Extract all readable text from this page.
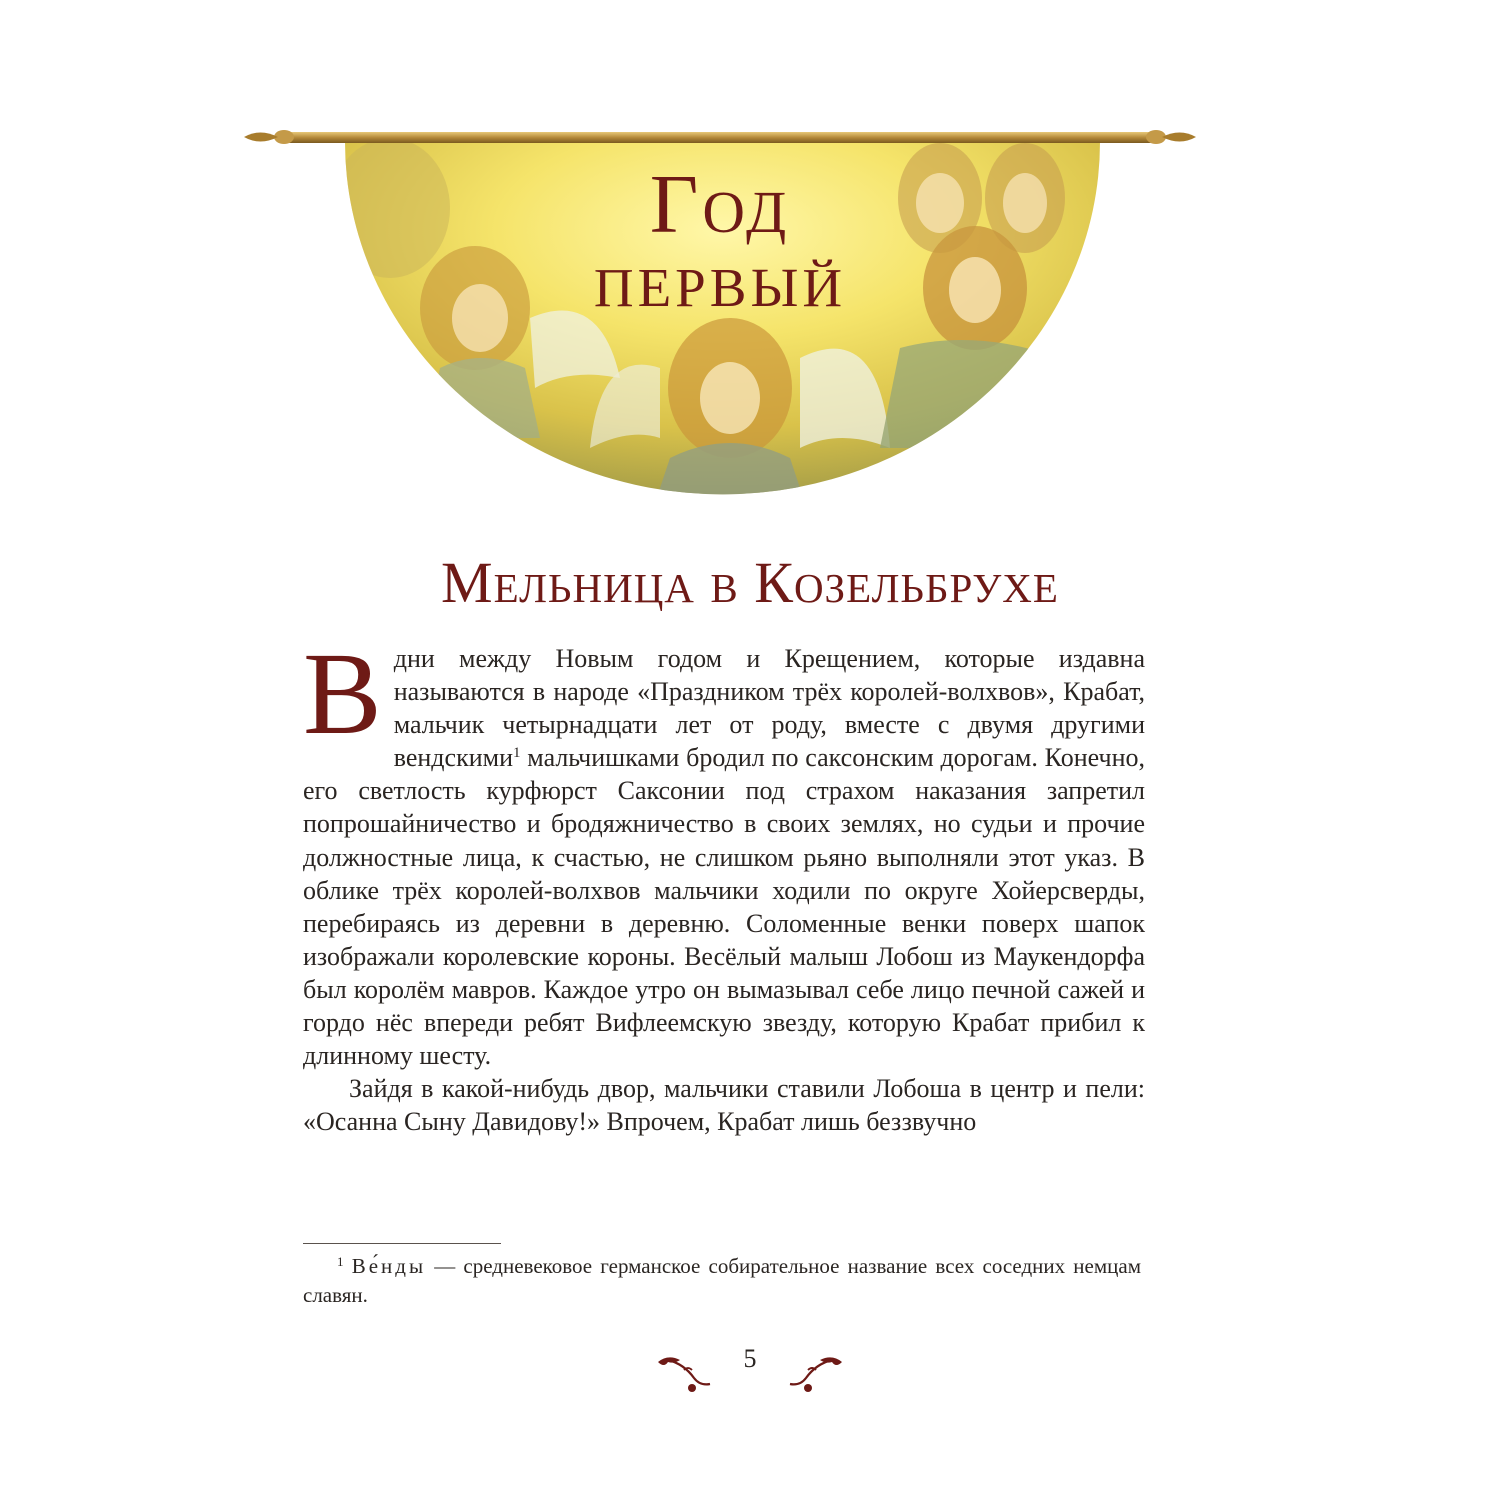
Год

первый

Мельница в Козельбрухе

В дни между Новым годом и Крещением, которые издавна называются в народе «Праздником трёх королей-волхвов», Крабат, мальчик четырнадцати лет от роду, вместе с двумя другими вендскими$^1$ мальчишками бродил по саксонским дорогам. Конечно, его светлость курфюрст Саксонии под страхом наказания запретил попрошайничество и бродяжничество в своих землях, но судьи и прочие должностные лица, к счастью, не слишком рьяно выполняли этот указ. В облике трёх королей-волхвов мальчики ходили по округе Хойерсверды, перебираясь из деревни в деревню. Соломенные венки поверх шапок изображали королевские короны. Весёлый малыш Лобош из Маукендорфа был королём мавров. Каждое утро он вымазывал себе лицо печной сажей и гордо нёс впереди ребят Вифлеемскую звезду, которую Крабат прибил к длинному шесту.

Зайдя в какой-нибудь двор, мальчики ставили Лобоша в центр и пели: «Осанна Сыну Давидову!» Впрочем, Крабат лишь беззвучно

$^1$ Ве́нды — средневековое германское собирательное название всех соседних немцам славян.

5
